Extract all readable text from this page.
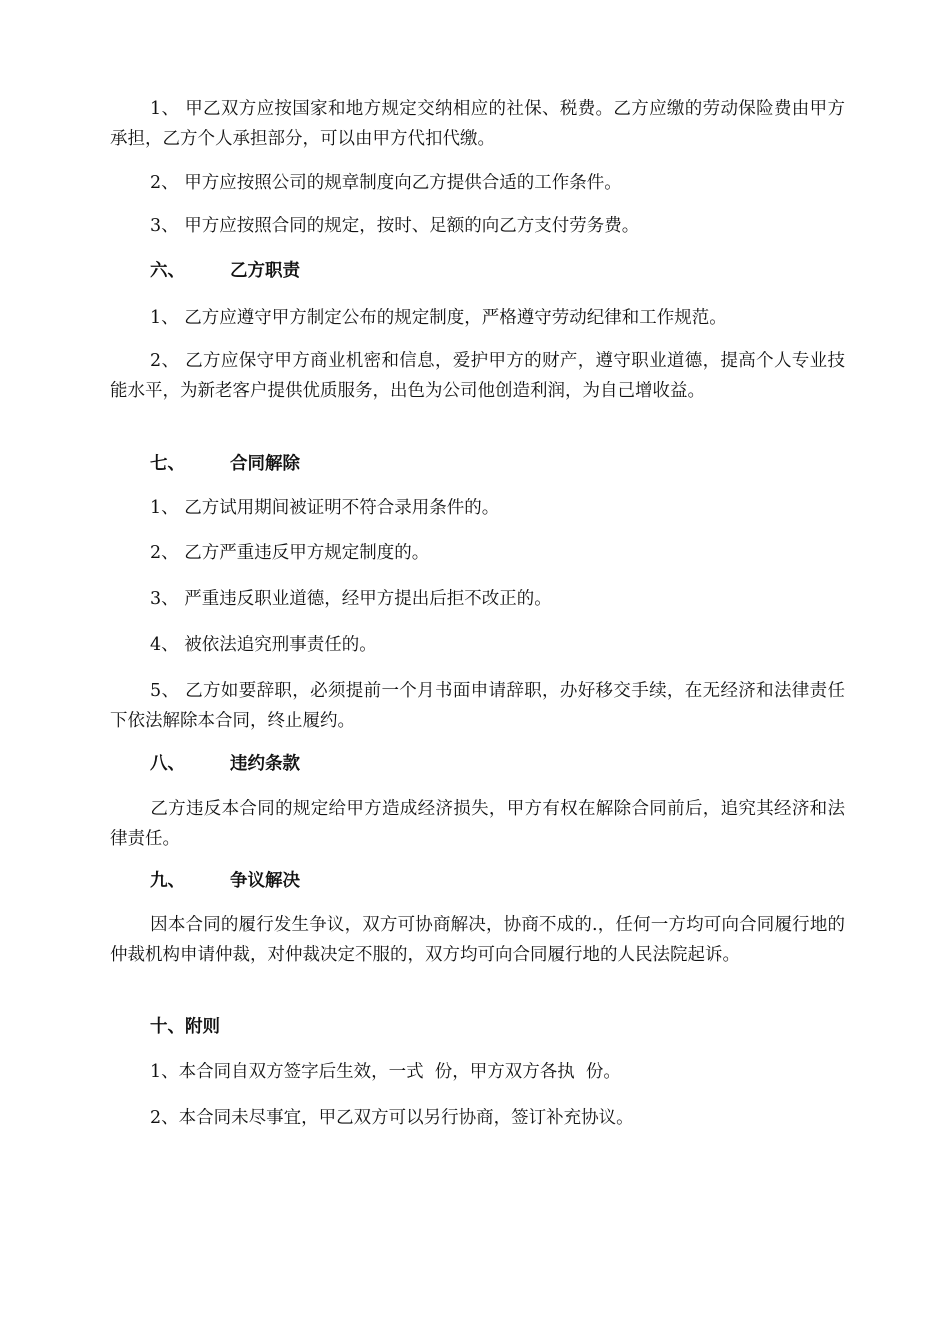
1、 甲乙双方应按国家和地方规定交纳相应的社保、税费。乙方应缴的劳动保险费由甲方承担，乙方个人承担部分，可以由甲方代扣代缴。

2、 甲方应按照公司的规章制度向乙方提供合适的工作条件。

3、 甲方应按照合同的规定，按时、足额的向乙方支付劳务费。

六、	乙方职责

1、 乙方应遵守甲方制定公布的规定制度，严格遵守劳动纪律和工作规范。

2、 乙方应保守甲方商业机密和信息，爱护甲方的财产，遵守职业道德，提高个人专业技能水平，为新老客户提供优质服务，出色为公司他创造利润，为自己增收益。

七、	合同解除

1、 乙方试用期间被证明不符合录用条件的。

2、 乙方严重违反甲方规定制度的。

3、 严重违反职业道德，经甲方提出后拒不改正的。

4、 被依法追究刑事责任的。

5、 乙方如要辞职，必须提前一个月书面申请辞职，办好移交手续，在无经济和法律责任下依法解除本合同，终止履约。

八、	违约条款

乙方违反本合同的规定给甲方造成经济损失，甲方有权在解除合同前后，追究其经济和法律责任。

九、	争议解决

因本合同的履行发生争议，双方可协商解决，协商不成的.，任何一方均可向合同履行地的仲裁机构申请仲裁，对仲裁决定不服的，双方均可向合同履行地的人民法院起诉。

十、附则

1、本合同自双方签字后生效，一式  份，甲方双方各执  份。

2、本合同未尽事宜，甲乙双方可以另行协商，签订补充协议。
